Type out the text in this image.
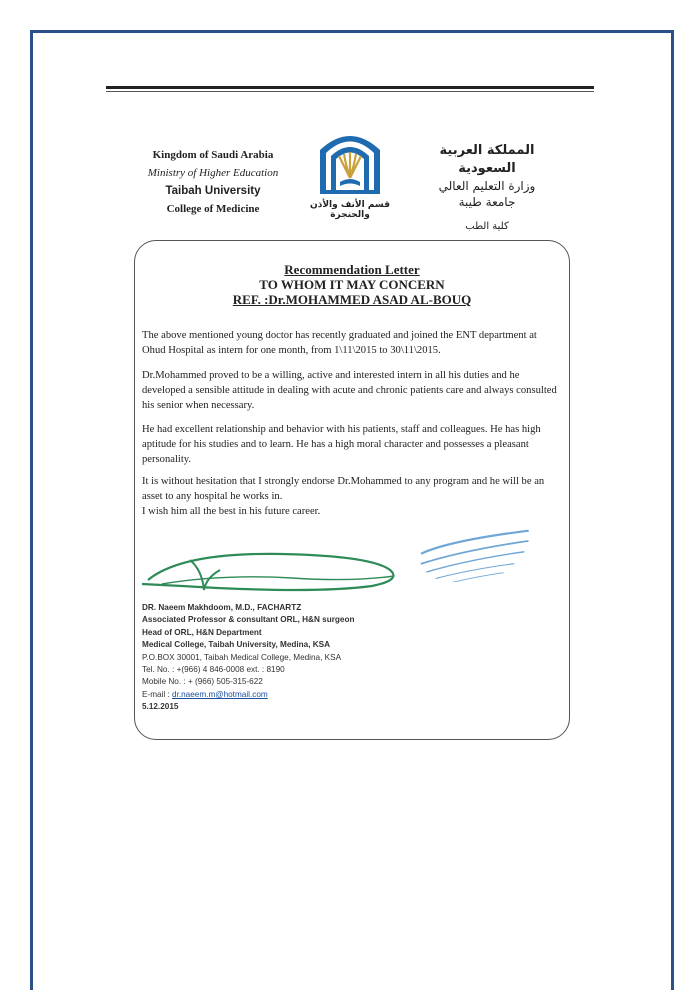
Kingdom of Saudi Arabia
Ministry of Higher Education
Taibah University
College of Medicine	قسم الأنف والأذن والحنجرة
المملكة العربية السعودية
وزارة التعليم العالي
جامعة طيبة
كلية الطب
Recommendation Letter
TO WHOM IT MAY CONCERN
REF. :Dr.MOHAMMED ASAD AL-BOUQ
The above mentioned young doctor has recently graduated and joined the ENT department at Ohud Hospital as intern for one month, from 1\11\2015 to 30\11\2015.
Dr.Mohammed proved to be a willing, active and interested intern in all his duties and he developed a sensible attitude in dealing with acute and chronic patients care and always consulted his senior when necessary.
He had excellent relationship and behavior with his patients, staff and colleagues. He has high aptitude for his studies and to learn. He has a high moral character and possesses a pleasant personality.
It is without hesitation that I strongly endorse Dr.Mohammed to any program and he will be an asset to any hospital he works in.
I wish him all the best in his future career.
DR. Naeem Makhdoom, M.D., FACHARTZ
Associated Professor & consultant ORL, H&N surgeon
Head of ORL, H&N Department
Medical College, Taibah University, Medina, KSA
P.O.BOX 30001, Taibah Medical College, Medina, KSA
Tel. No. : +(966) 4 846-0008 ext. : 8190
Mobile No. : + (966) 505-315-622
E-mail : dr.naeem.m@hotmail.com
5.12.2015
